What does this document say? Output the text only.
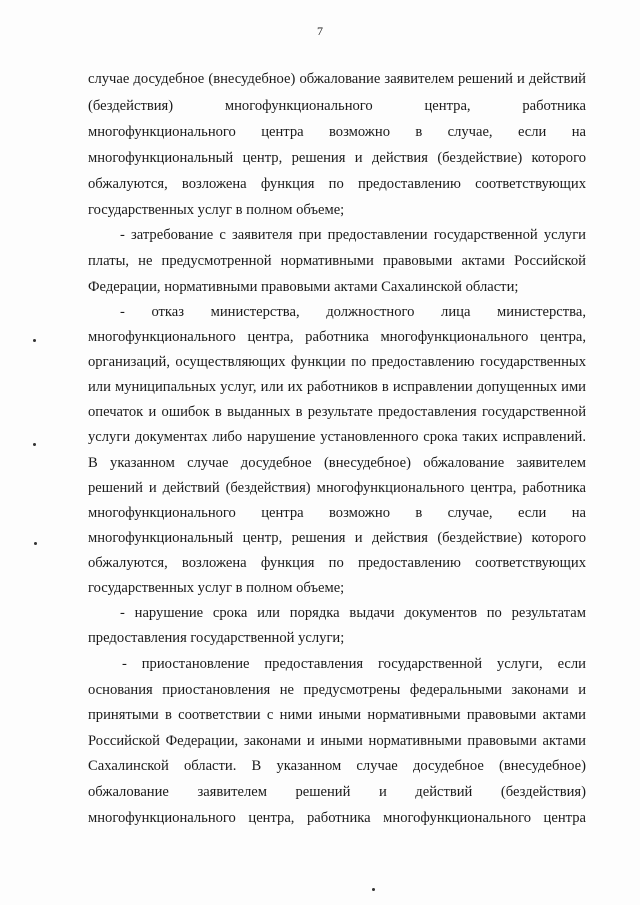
7
случае досудебное (внесудебное) обжалование заявителем решений и действий
(бездействия) многофункционального центра, работника
многофункционального центра возможно в случае, если на
многофункциональный центр, решения и действия (бездействие) которого
обжалуются, возложена функция по предоставлению соответствующих
государственных услуг в полном объеме;
- затребование с заявителя при предоставлении государственной услуги
платы, не предусмотренной нормативными правовыми актами Российской
Федерации, нормативными правовыми актами Сахалинской области;
- отказ министерства, должностного лица министерства,
многофункционального центра, работника многофункционального центра,
организаций, осуществляющих функции по предоставлению государственных
или муниципальных услуг, или их работников в исправлении допущенных ими
опечаток и ошибок в выданных в результате предоставления государственной
услуги документах либо нарушение установленного срока таких исправлений.
В указанном случае досудебное (внесудебное) обжалование заявителем
решений и действий (бездействия) многофункционального центра, работника
многофункционального центра возможно в случае, если на
многофункциональный центр, решения и действия (бездействие) которого
обжалуются, возложена функция по предоставлению соответствующих
государственных услуг в полном объеме;
- нарушение срока или порядка выдачи документов по результатам
предоставления государственной услуги;
- приостановление предоставления государственной услуги, если
основания приостановления не предусмотрены федеральными законами и
принятыми в соответствии с ними иными нормативными правовыми актами
Российской Федерации, законами и иными нормативными правовыми актами
Сахалинской области. В указанном случае досудебное (внесудебное)
обжалование заявителем решений и действий (бездействия)
многофункционального центра, работника многофункционального центра
